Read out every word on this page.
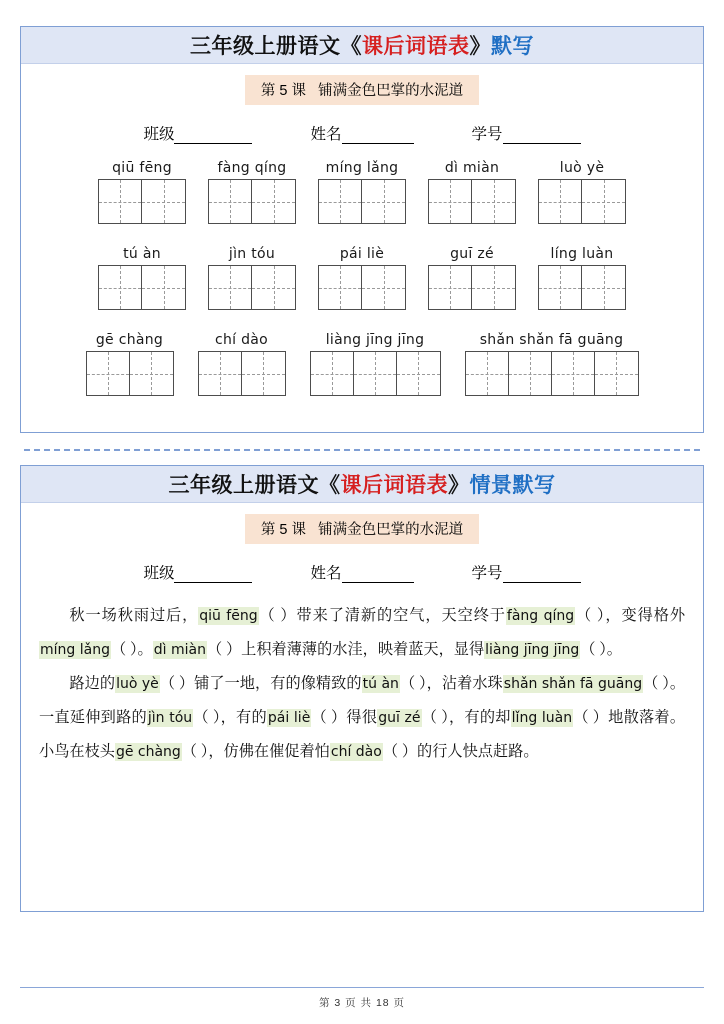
三年级上册语文《课后词语表》默写
第 5 课   铺满金色巴掌的水泥道
班级	姓名	学号
qiū fēng	fàng qíng	míng lǎng	dì miàn	luò yè
tú àn	jìn tóu	pái liè	guī zé	líng luàn
gē chàng	chí dào	liàng jīng jīng	shǎn shǎn fā guāng
三年级上册语文《课后词语表》情景默写
第 5 课   铺满金色巴掌的水泥道
班级	姓名	学号

秋一场秋雨过后，qiū fēng（ ）带来了清新的空气，天空终于fàng qíng（ ），变得格外míng lǎng（ ）。dì miàn（ ）上积着薄薄的水洼，映着蓝天，显得liàng jīng jīng（ ）。

路边的luò yè（ ）铺了一地，有的像精致的tú àn（ ），沾着水珠shǎn shǎn fā guāng（ ）。一直延伸到路的jìn tóu（ ），有的pái liè（ ）得很guī zé（ ），有的却lǐng luàn（ ）地散落着。小鸟在枝头gē chàng（ ），仿佛在催促着怕chí dào（ ）的行人快点赶路。

第 3 页 共 18 页
